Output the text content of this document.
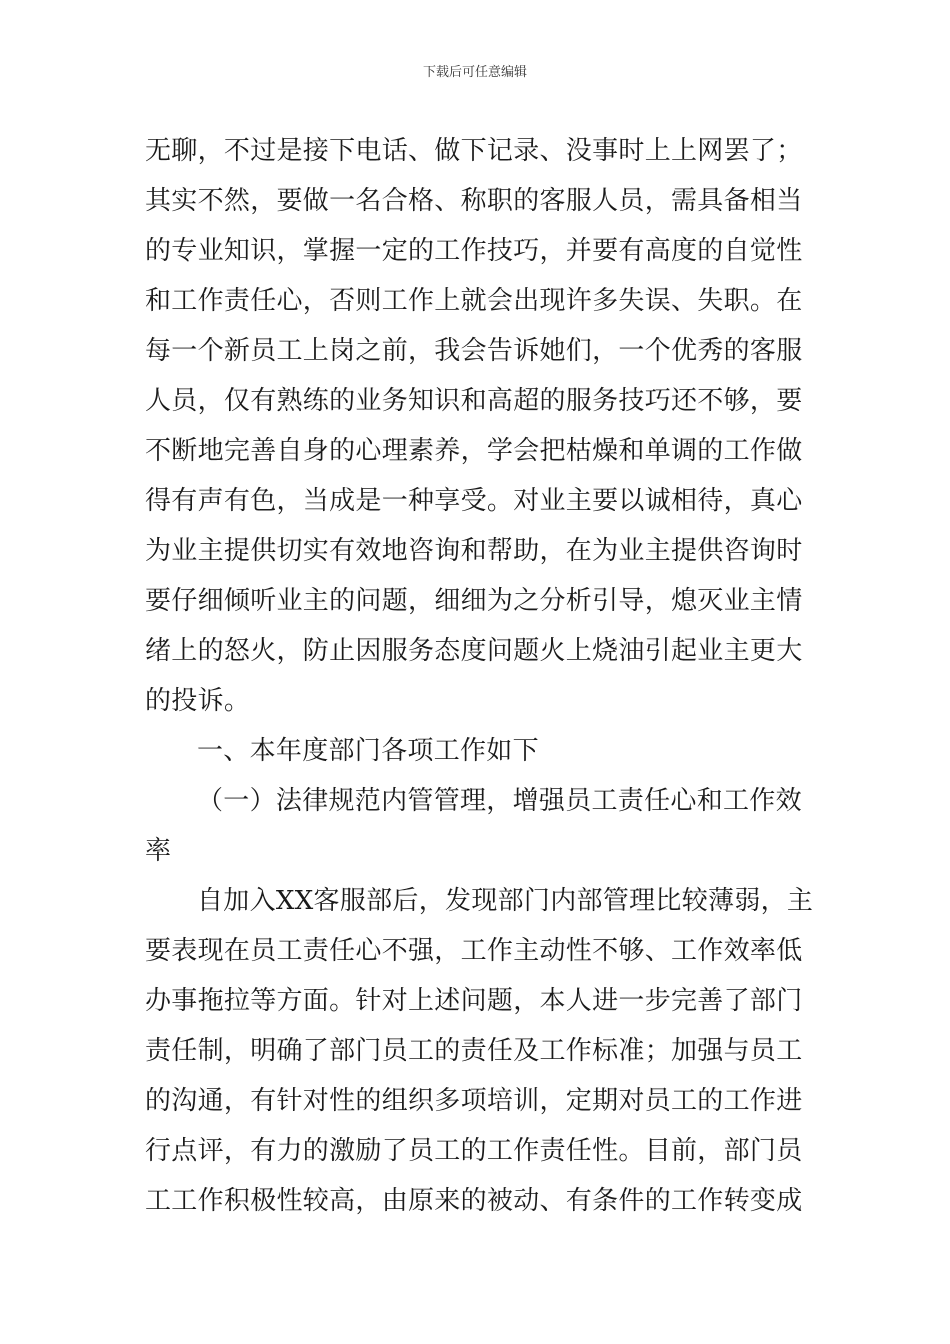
下载后可任意编辑
无聊，不过是接下电话、做下记录、没事时上上网罢了；
其实不然，要做一名合格、称职的客服人员，需具备相当
的专业知识，掌握一定的工作技巧，并要有高度的自觉性
和工作责任心，否则工作上就会出现许多失误、失职。在
每一个新员工上岗之前，我会告诉她们，一个优秀的客服
人员，仅有熟练的业务知识和高超的服务技巧还不够，要
不断地完善自身的心理素养，学会把枯燥和单调的工作做
得有声有色，当成是一种享受。对业主要以诚相待，真心
为业主提供切实有效地咨询和帮助，在为业主提供咨询时
要仔细倾听业主的问题，细细为之分析引导，熄灭业主情
绪上的怒火，防止因服务态度问题火上烧油引起业主更大
的投诉。
一、本年度部门各项工作如下
（一）法律规范内管管理，增强员工责任心和工作效
率
自加入XX客服部后，发现部门内部管理比较薄弱，主
要表现在员工责任心不强，工作主动性不够、工作效率低
办事拖拉等方面。针对上述问题，本人进一步完善了部门
责任制，明确了部门员工的责任及工作标准；加强与员工
的沟通，有针对性的组织多项培训，定期对员工的工作进
行点评，有力的激励了员工的工作责任性。目前，部门员
工工作积极性较高，由原来的被动、有条件的工作转变成
